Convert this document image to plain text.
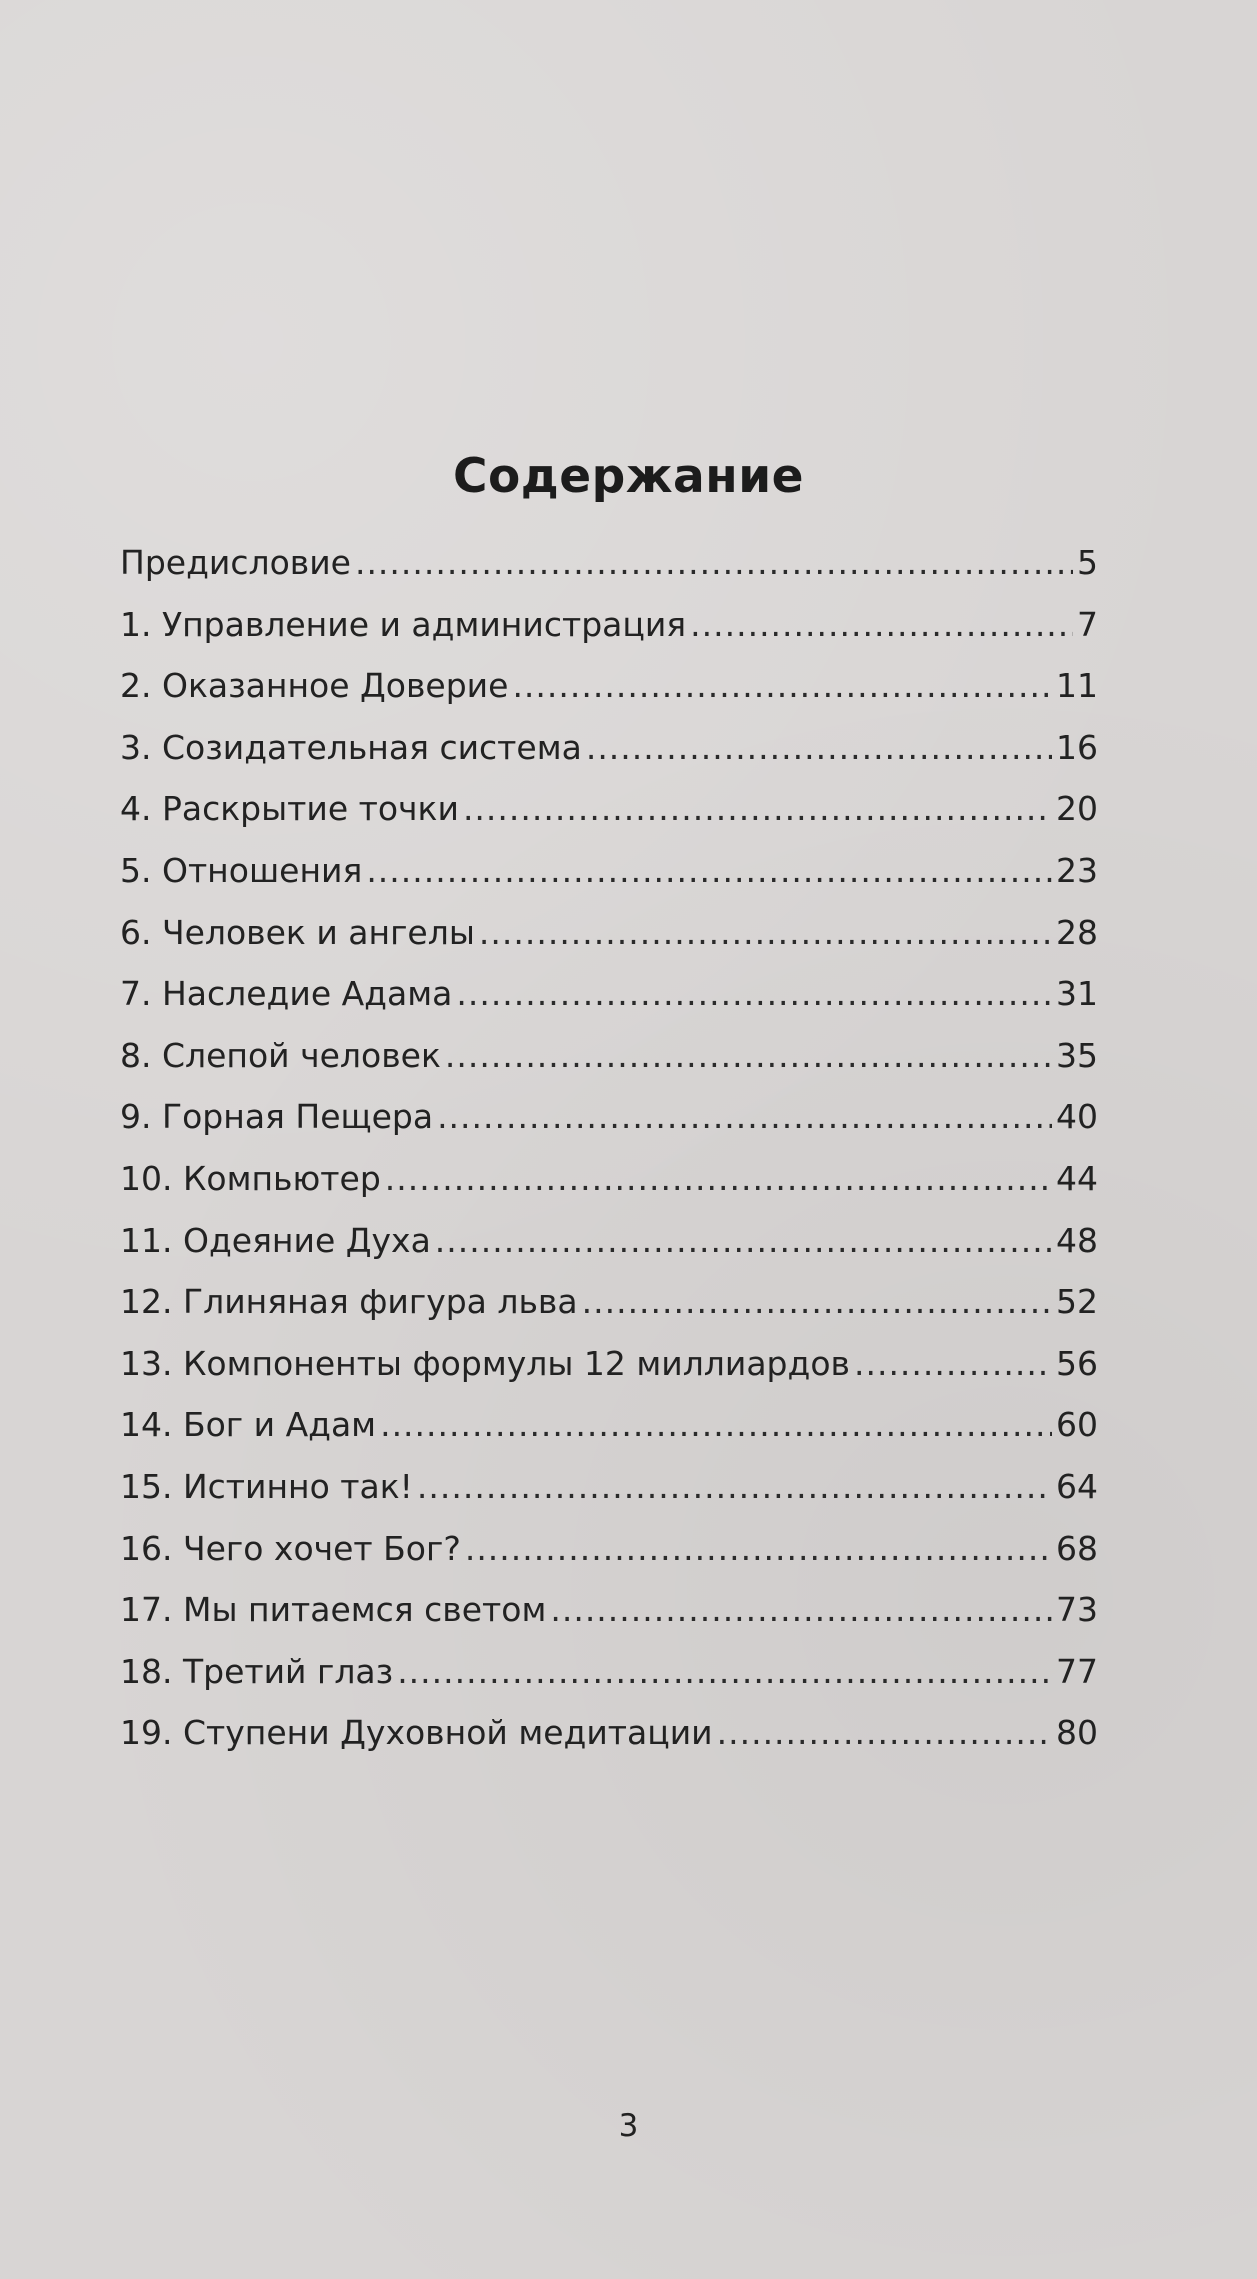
Содержание
Предисловие .....	5
1. Управление и администрация .....	7
2. Оказанное Доверие .....	11
3. Созидательная система .....	16
4. Раскрытие точки .....	20
5. Отношения .....	23
6. Человек и ангелы .....	28
7. Наследие Адама .....	31
8. Слепой человек .....	35
9. Горная Пещера .....	40
10. Компьютер .....	44
11. Одеяние Духа .....	48
12. Глиняная фигура льва .....	52
13. Компоненты формулы 12 миллиардов .....	56
14. Бог и Адам .....	60
15. Истинно так! .....	64
16. Чего хочет Бог? .....	68
17. Мы питаемся светом .....	73
18. Третий глаз .....	77
19. Ступени Духовной медитации .....	80
3
